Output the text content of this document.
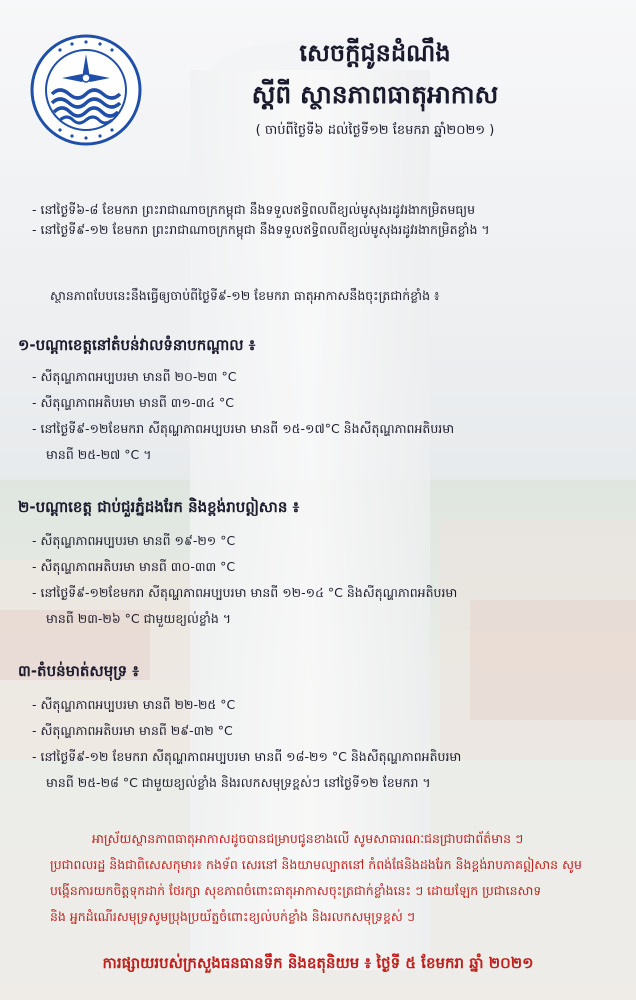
សេចក្តីជូនដំណឹង
ស្តីពី ស្ថានភាពធាតុអាកាស
( ចាប់ពីថ្ងៃទី៦ ដល់ថ្ងៃទី១២ ខែមករា ឆ្នាំ២០២១ )
- នៅថ្ងៃទី៦-៨ ខែមករា ព្រះរាជាណាចក្រកម្ពុជា នឹងទទួលឥទ្ធិពលពីខ្យល់មូសុងរដូវរងាកម្រិតមធ្យម
- នៅថ្ងៃទី៩-១២ ខែមករា ព្រះរាជាណាចក្រកម្ពុជា នឹងទទួលឥទ្ធិពលពីខ្យល់មូសុងរដូវរងាកម្រិតខ្លាំង ។
ស្ថានភាពបែបនេះនឹងធ្វើឲ្យចាប់ពីថ្ងៃទី៩-១២ ខែមករា ធាតុអាកាសនឹងចុះត្រជាក់ខ្លាំង ៖
១-បណ្តាខេត្តនៅតំបន់វាលទំនាបកណ្តាល ៖
- សីតុណ្ហភាពអប្បបរមា មានពី ២០-២៣ °C
- សីតុណ្ហភាពអតិបរមា មានពី ៣១-៣៤ °C
- នៅថ្ងៃទី៩-១២ខែមករា សីតុណ្ហភាពអប្បបរមា មានពី ១៥-១៧°C និងសីតុណ្ហភាពអតិបរមា
មានពី ២៥-២៧ °C ។
២-បណ្តាខេត្ត ជាប់ជួរភ្នំដងរែក និងខ្ពង់រាបឦសាន ៖
- សីតុណ្ហភាពអប្បបរមា មានពី ១៩-២១ °C
- សីតុណ្ហភាពអតិបរមា មានពី ៣០-៣៣ °C
- នៅថ្ងៃទី៩-១២ខែមករា សីតុណ្ហភាពអប្បបរមា មានពី ១២-១៤ °C និងសីតុណ្ហភាពអតិបរមា
មានពី ២៣-២៦ °C ជាមួយខ្យល់ខ្លាំង ។
៣-តំបន់មាត់សមុទ្រ ៖
- សីតុណ្ហភាពអប្បបរមា មានពី ២២-២៥ °C
- សីតុណ្ហភាពអតិបរមា មានពី ២៩-៣២ °C
- នៅថ្ងៃទី៩-១២ ខែមករា សីតុណ្ហភាពអប្បបរមា មានពី ១៨-២១ °C និងសីតុណ្ហភាពអតិបរមា
មានពី ២៥-២៨ °C ជាមួយខ្យល់ខ្លាំង និងរលកសមុទ្រខ្ពស់ៗ នៅថ្ងៃទី១២ ខែមករា ។
អាស្រ័យស្ថានភាពធាតុអាកាសដូចបានជម្រាបជូនខាងលើ សូមសាធារណៈជនជ្រាបជាព័ត៌មាន ៗ
ប្រជាពលរដ្ឋ និងជាពិសេសកុមារ៖ កងទ័ព សេរនៅ និងយាមល្បាតនៅ កំពង់ផែនិងដងរែក និងខ្ពង់រាបភាគឦសាន សូម
បង្កើនការយកចិត្តទុកដាក់ ថែរក្សា សុខភាពចំពោះធាតុអាកាសចុះត្រជាក់ខ្លាំងនេះ ៗ ដោយឡែក ប្រជានេសាទ
និង អ្នកដំណើរសមុទ្រសូមប្រុងប្រយ័ត្នចំពោះខ្យល់បក់ខ្លាំង និងរលកសមុទ្រខ្ពស់ ៗ
ការផ្សាយរបស់ក្រសួងធនធានទឹក និងឧតុនិយម ៖ ថ្ងៃទី ៥ ខែមករា ឆ្នាំ ២០២១
